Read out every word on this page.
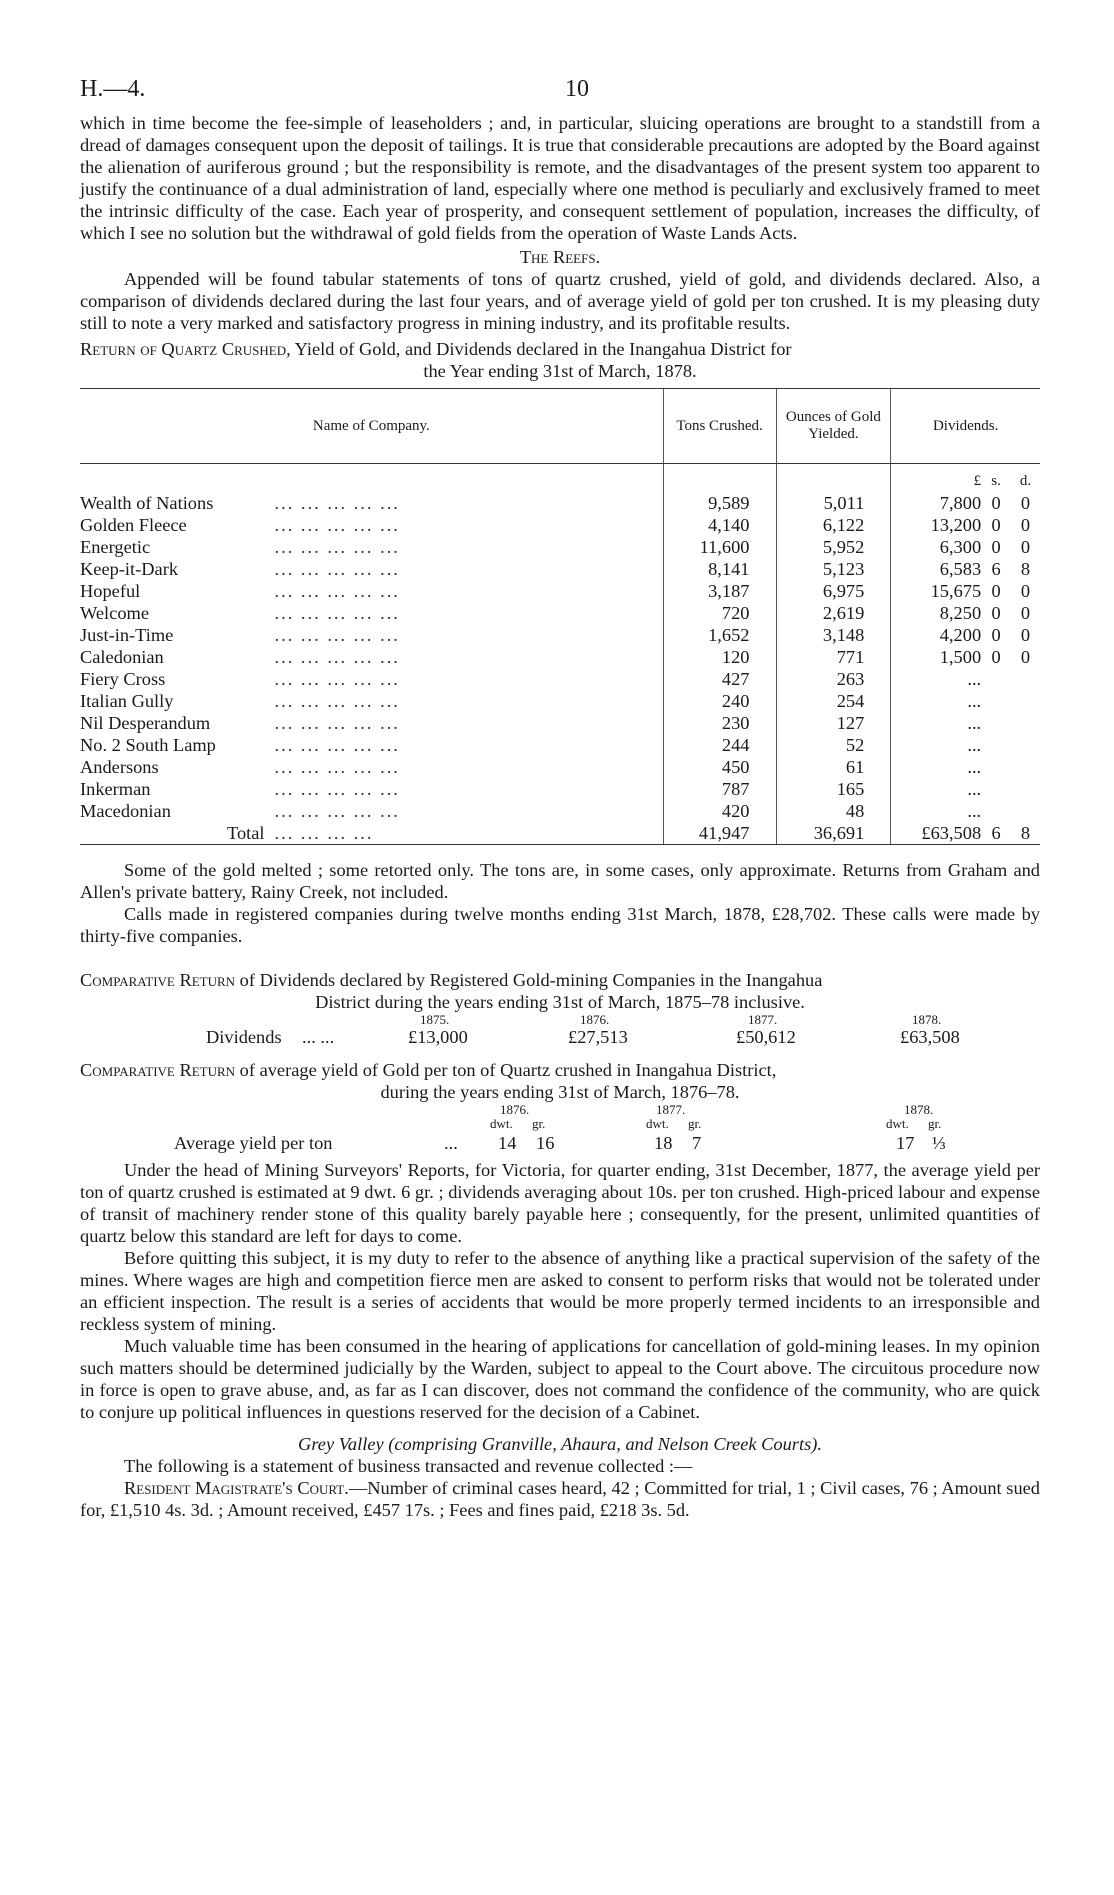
H.—4.	10

which in time become the fee-simple of leaseholders ; and, in particular, sluicing operations are brought to a standstill from a dread of damages consequent upon the deposit of tailings. It is true that considerable precautions are adopted by the Board against the alienation of auriferous ground ; but the responsibility is remote, and the disadvantages of the present system too apparent to justify the continuance of a dual administration of land, especially where one method is peculiarly and exclusively framed to meet the intrinsic difficulty of the case. Each year of prosperity, and consequent settlement of population, increases the difficulty, of which I see no solution but the withdrawal of gold fields from the operation of Waste Lands Acts.

The Reefs.

Appended will be found tabular statements of tons of quartz crushed, yield of gold, and dividends declared. Also, a comparison of dividends declared during the last four years, and of average yield of gold per ton crushed. It is my pleasing duty still to note a very marked and satisfactory progress in mining industry, and its profitable results.

Return of Quartz Crushed, Yield of Gold, and Dividends declared in the Inangahua District for

the Year ending 31st of March, 1878.

Name of Company.		Tons Crushed.	Ounces of Gold Yielded.	Dividends.		
				£	s.	d.
Wealth of Nations	... ... ... ... ...	9,589	5,011	7,800	0	0
Golden Fleece	... ... ... ... ...	4,140	6,122	13,200	0	0
Energetic	... ... ... ... ...	11,600	5,952	6,300	0	0
Keep-it-Dark	... ... ... ... ...	8,141	5,123	6,583	6	8
Hopeful	... ... ... ... ...	3,187	6,975	15,675	0	0
Welcome	... ... ... ... ...	720	2,619	8,250	0	0
Just-in-Time	... ... ... ... ...	1,652	3,148	4,200	0	0
Caledonian	... ... ... ... ...	120	771	1,500	0	0
Fiery Cross	... ... ... ... ...	427	263	...		
Italian Gully	... ... ... ... ...	240	254	...		
Nil Desperandum	... ... ... ... ...	230	127	...		
No. 2 South Lamp	... ... ... ... ...	244	52	...		
Andersons	... ... ... ... ...	450	61	...		
Inkerman	... ... ... ... ...	787	165	...		
Macedonian	... ... ... ... ...	420	48	...		
Total	... ... ... ...	41,947	36,691	£63,508	6	8

Some of the gold melted ; some retorted only. The tons are, in some cases, only approximate. Returns from Graham and Allen's private battery, Rainy Creek, not included.

Calls made in registered companies during twelve months ending 31st March, 1878, £28,702. These calls were made by thirty-five companies.

Comparative Return of Dividends declared by Registered Gold-mining Companies in the Inangahua

District during the years ending 31st of March, 1875–78 inclusive.

1875.	1876.	1877.	1878.
Dividends ... ...	£13,000	£27,513	£50,612	£63,508

Comparative Return of average yield of Gold per ton of Quartz crushed in Inangahua District,

during the years ending 31st of March, 1876–78.

1876.	1877.	1878.
dwt. gr.	dwt. gr.	dwt. gr.
Average yield per ton	... 14 16	18 7	17 ⅓

Under the head of Mining Surveyors' Reports, for Victoria, for quarter ending, 31st December, 1877, the average yield per ton of quartz crushed is estimated at 9 dwt. 6 gr. ; dividends averaging about 10s. per ton crushed. High-priced labour and expense of transit of machinery render stone of this quality barely payable here ; consequently, for the present, unlimited quantities of quartz below this standard are left for days to come.

Before quitting this subject, it is my duty to refer to the absence of anything like a practical supervision of the safety of the mines. Where wages are high and competition fierce men are asked to consent to perform risks that would not be tolerated under an efficient inspection. The result is a series of accidents that would be more properly termed incidents to an irresponsible and reckless system of mining.

Much valuable time has been consumed in the hearing of applications for cancellation of gold-mining leases. In my opinion such matters should be determined judicially by the Warden, subject to appeal to the Court above. The circuitous procedure now in force is open to grave abuse, and, as far as I can discover, does not command the confidence of the community, who are quick to conjure up political influences in questions reserved for the decision of a Cabinet.

Grey Valley (comprising Granville, Ahaura, and Nelson Creek Courts).

The following is a statement of business transacted and revenue collected :—

Resident Magistrate's Court.—Number of criminal cases heard, 42 ; Committed for trial, 1 ; Civil cases, 76 ; Amount sued for, £1,510 4s. 3d. ; Amount received, £457 17s. ; Fees and fines paid, £218 3s. 5d.
